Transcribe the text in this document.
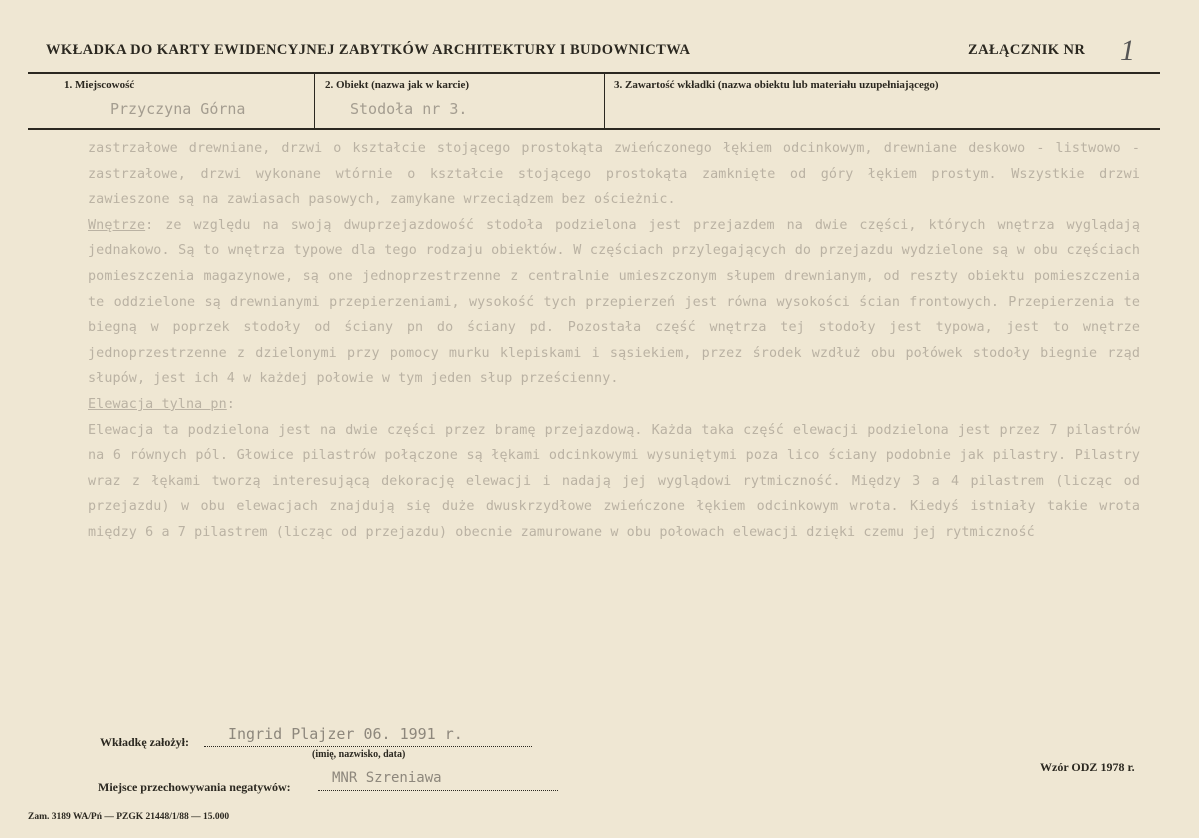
WKŁADKA DO KARTY EWIDENCYJNEJ ZABYTKÓW ARCHITEKTURY I BUDOWNICTWA	ZAŁĄCZNIK NR 1
1. Miejscowość
Przyczyna Górna
2. Obiekt (nazwa jak w karcie)
Stodoła nr 3.
3. Zawartość wkładki (nazwa obiektu lub materiału uzupełniającego)

zastrzałowe drewniane, drzwi o kształcie stojącego prostokąta zwieńczonego łękiem odcinkowym, drewniane deskowo - listwowo - zastrzałowe, drzwi wykonane wtórnie o kształcie stojącego prostokąta zamknięte od góry łękiem prostym. Wszystkie drzwi zawieszone są na zawiasach pasowych, zamykane wrzeciądzem bez ościeżnic.

Wnętrze: ze względu na swoją dwuprzejazdowość stodoła podzielona jest przejazdem na dwie części, których wnętrza wyglądają jednakowo. Są to wnętrza typowe dla tego rodzaju obiektów. W częściach przylegających do przejazdu wydzielone są w obu częściach pomieszczenia magazynowe, są one jednoprzestrzenne z centralnie umieszczonym słupem drewnianym, od reszty obiektu pomieszczenia te oddzielone są drewnianymi przepierzeniami, wysokość tych przepierzeń jest równa wysokości ścian frontowych. Przepierzenia te biegną w poprzek stodoły od ściany pn do ściany pd. Pozostała część wnętrza tej stodoły jest typowa, jest to wnętrze jednoprzestrzenne z dzielonymi przy pomocy murku klepiskami i sąsiekiem, przez środek wzdłuż obu połówek stodoły biegnie rząd słupów, jest ich 4 w każdej połowie w tym jeden słup prześcienny.

Elewacja tylna pn:

Elewacja ta podzielona jest na dwie części przez bramę przejazdową. Każda taka część elewacji podzielona jest przez 7 pilastrów na 6 równych pól. Głowice pilastrów połączone są łękami odcinkowymi wysuniętymi poza lico ściany podobnie jak pilastry. Pilastry wraz z łękami tworzą interesującą dekorację elewacji i nadają jej wyglądowi rytmiczność. Między 3 a 4 pilastrem (licząc od przejazdu) w obu elewacjach znajdują się duże dwuskrzydłowe zwieńczone łękiem odcinkowym wrota. Kiedyś istniały takie wrota między 6 a 7 pilastrem (licząc od przejazdu) obecnie zamurowane w obu połowach elewacji dzięki czemu jej rytmiczność

Wkładkę założył:	Ingrid Plajzer 06. 1991 r.
(imię, nazwisko, data)
Miejsce przechowywania negatywów:
MNR Szreniawa
Wzór ODZ 1978 r.
Zam. 3189 WA/Pń — PZGK 21448/1/88 — 15.000
